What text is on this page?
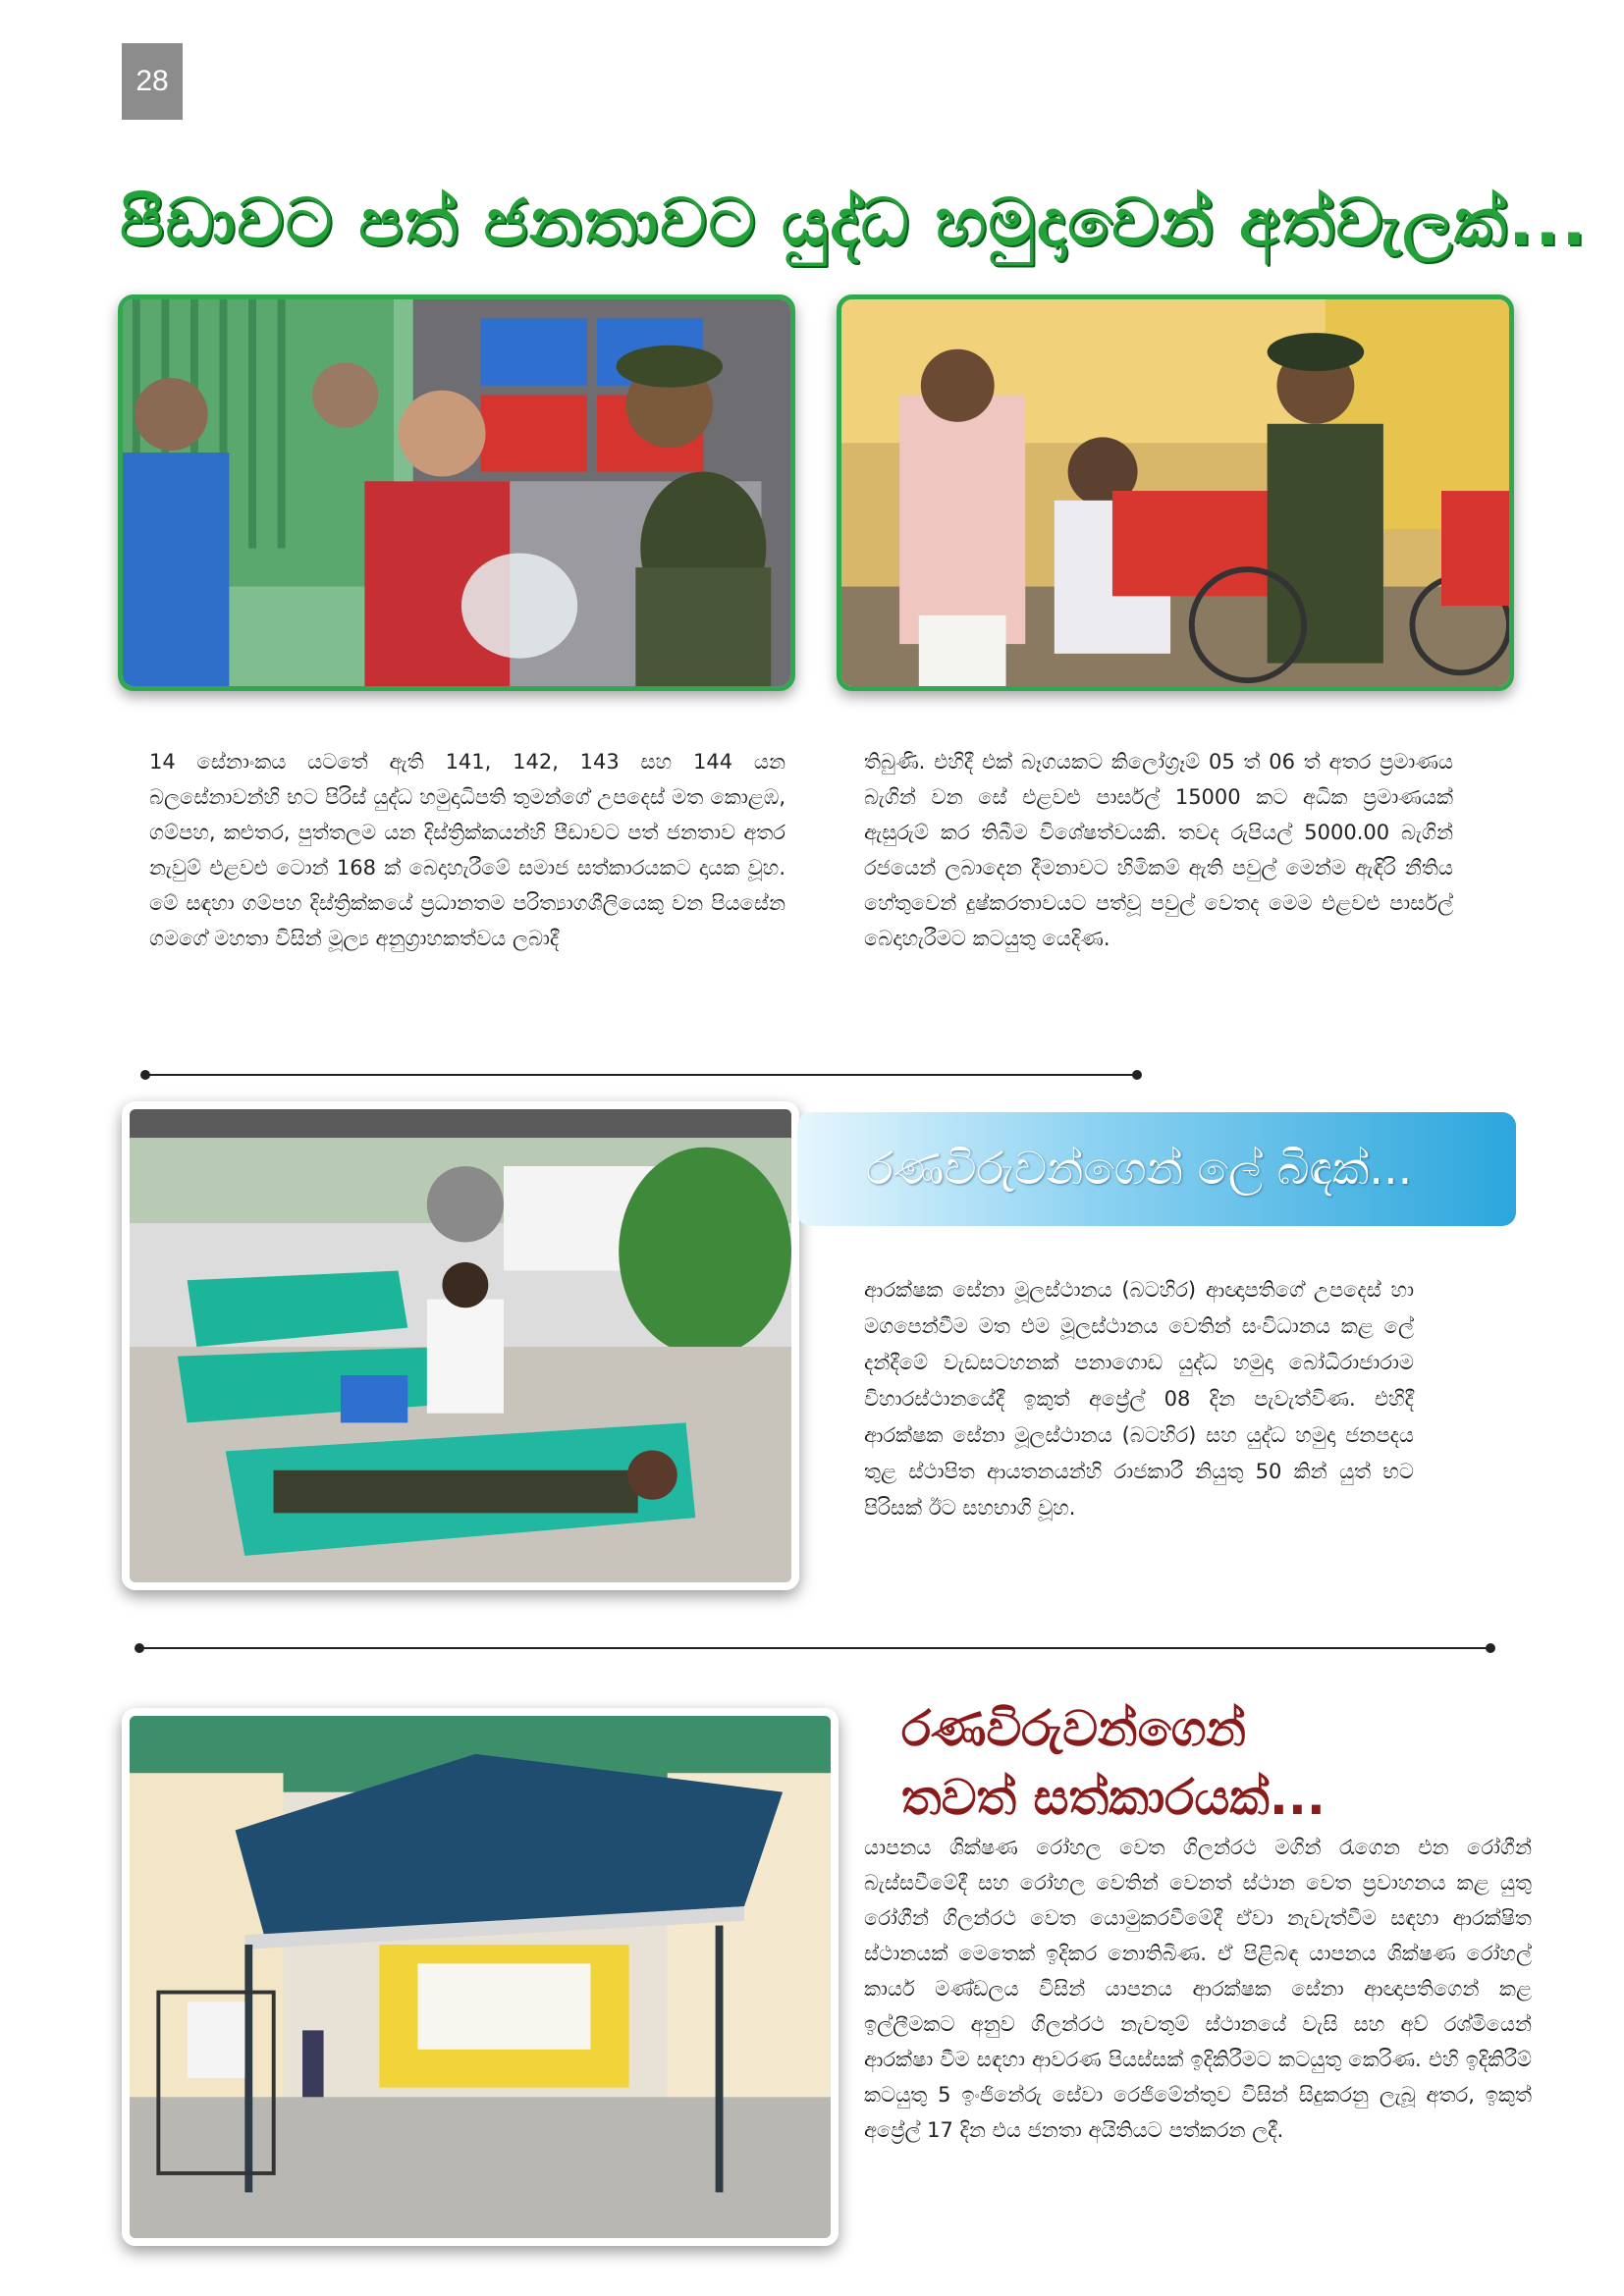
28
පීඩාවට පත් ජනතාවට යුද්ධ හමුදාවෙන් අත්වැලක්...
14 සේනාංකය යටතේ ඇති 141, 142, 143 සහ 144 යන බලසේනාවන්හි භට පිරිස් යුද්ධ හමුදාධිපති තුමන්ගේ උපදෙස් මත කොළඹ, ගම්පහ, කළුතර, පුත්තලම යන දිස්ත්‍රික්කයන්හි පීඩාවට පත් ජනතාව අතර නැවුම් එළවළු ටොන් 168 ක් බෙදාහැරීමේ සමාජ සත්කාරයකට දායක වූහ. මේ සඳහා ගම්පහ දිස්ත්‍රික්කයේ ප්‍රධානතම පරිත්‍යාගශීලියෙකු වන පියසේන ගමගේ මහතා විසින් මූල්‍ය අනුග්‍රාහකත්වය ලබාදී
තිබුණි. එහිදී එක් බෑගයකට කිලෝග්‍රෑම් 05 ත් 06 ත් අතර ප්‍රමාණය බැගින් වන සේ එළවළු පාර්සල් 15000 කට අධික ප්‍රමාණයක් ඇසුරුම් කර තිබීම විශේෂත්වයකි. තවද රුපියල් 5000.00 බැගින් රජයෙන් ලබාදෙන දීමනාවට හිමිකම් ඇති පවුල් මෙන්ම ඇඳිරි නීතිය හේතුවෙන් දුෂ්කරතාවයට පත්වූ පවුල් වෙතද මෙම එළවළු පාර්සල් බෙදාහැරීමට කටයුතු යෙදිණ.
රණවිරුවන්ගෙන් ලේ බිඳක්...
ආරක්ෂක සේනා මූලස්ථානය (බටහිර) ආඥාපතිගේ උපදෙස් හා මගපෙන්වීම මත එම මූලස්ථානය වෙතින් සංවිධානය කළ ලේ දන්දීමේ වැඩසටහනක් පනාගොඩ යුද්ධ හමුදා බෝධිරාජාරාම විහාරස්ථානයේදී ඉකුත් අප්‍රේල් 08 දින පැවැත්විණ. එහිදී ආරක්ෂක සේනා මූලස්ථානය (බටහිර) සහ යුද්ධ හමුදා ජනපදය තුළ ස්ථාපිත ආයතනයන්හි රාජකාරී නියුතු 50 කින් යුත් භට පිරිසක් ඊට සහභාගි වූහ.
රණවිරුවන්ගෙන්
තවත් සත්කාරයක්...
යාපනය ශික්ෂණ රෝහල වෙත ගිලන්රථ මගින් රැගෙන එන රෝගීන් බැස්සවීමේදී සහ රෝහල වෙතින් වෙනත් ස්ථාන වෙත ප්‍රවාහනය කළ යුතු රෝගීන් ගිලන්රථ වෙත යොමුකරවීමේදී ඒවා නැවැත්වීම සඳහා ආරක්ෂිත ස්ථානයක් මෙතෙක් ඉදිකර නොතිබිණ. ඒ පිළිබඳ යාපනය ශික්ෂණ රෝහල් කාර්ය මණ්ඩලය විසින් යාපනය ආරක්ෂක සේනා ආඥාපතිගෙන් කළ ඉල්ලීමකට අනුව ගිලන්රථ නැවතුම් ස්ථානයේ වැසි සහ අව් රශ්මියෙන් ආරක්ෂා වීම සඳහා ආවරණ පියස්සක් ඉදිකිරීමට කටයුතු කෙරිණ. එහි ඉදිකිරීම් කටයුතු 5 ඉංජිනේරු සේවා රෙජිමේන්තුව විසින් සිදුකරනු ලැබූ අතර, ඉකුත් අප්‍රේල් 17 දින එය ජනතා අයිතියට පත්කරන ලදී.
